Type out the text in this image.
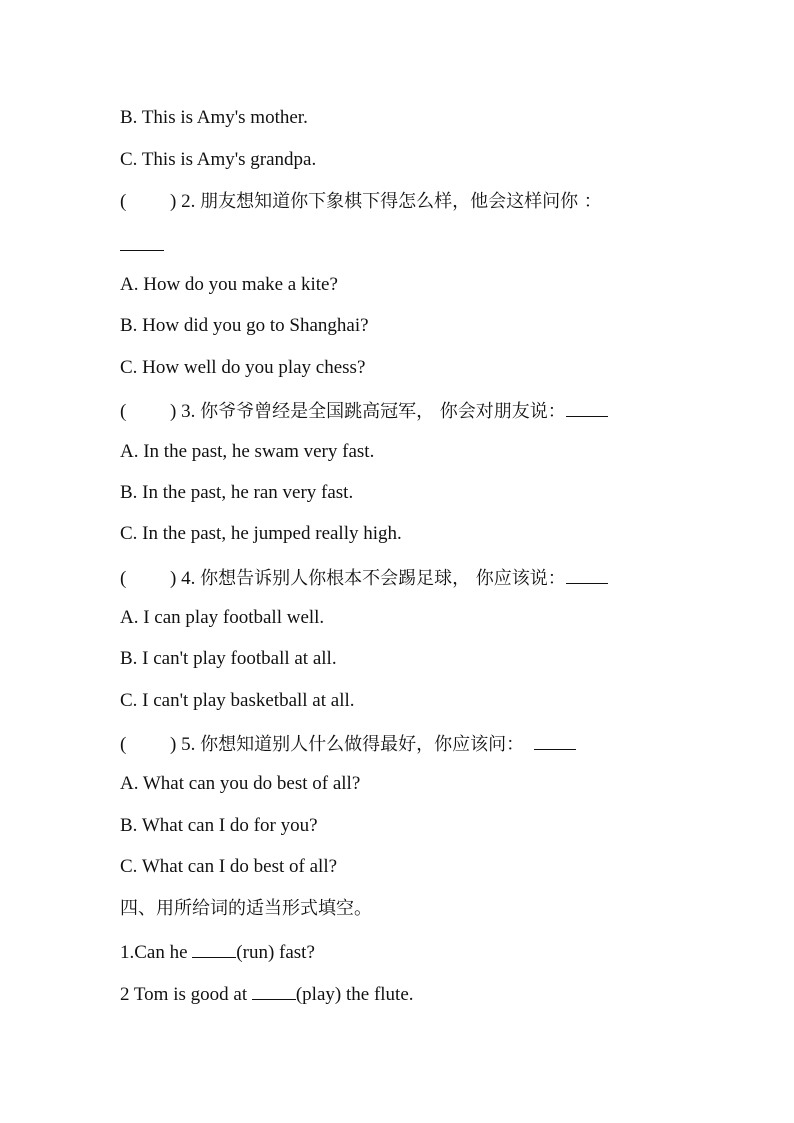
B. This is Amy's mother.
C. This is Amy's grandpa.
( ) 2. 朋友想知道你下象棋下得怎么样，他会这样问你 ：
A. How do you make a kite?
B. How did you go to Shanghai?
C. How well do you play chess?
( ) 3. 你爷爷曾经是全国跳高冠军， 你会对朋友说：
A. In the past, he swam very fast.
B. In the past, he ran very fast.
C. In the past, he jumped really high.
( ) 4. 你想告诉别人你根本不会踢足球， 你应该说：
A. I can play football well.
B. I can't play football at all.
C. I can't play basketball at all.
( ) 5. 你想知道别人什么做得最好，你应该问：
A. What can you do best of all?
B. What can I do for you?
C. What can I do best of all?
四、用所给词的适当形式填空。
1.Can he (run) fast?
2 Tom is good at (play) the flute.
